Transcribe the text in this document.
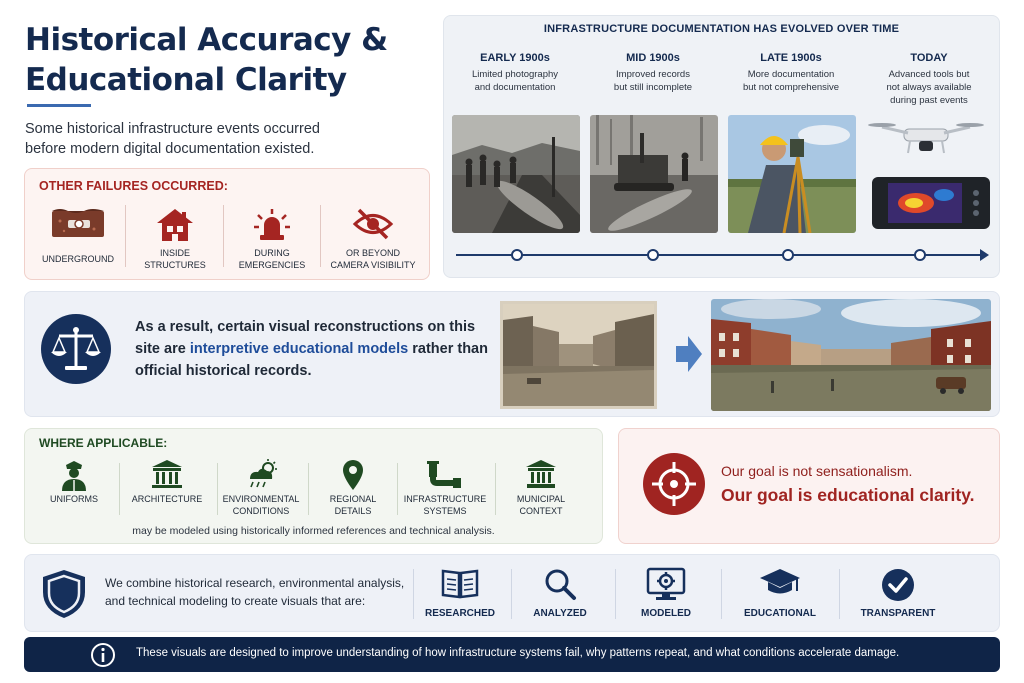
Historical Accuracy &
Educational Clarity
Some historical infrastructure events occurred
before modern digital documentation existed.
OTHER FAILURES OCCURRED:
UNDERGROUND
INSIDE
STRUCTURES
DURING
EMERGENCIES
OR BEYOND
CAMERA VISIBILITY
INFRASTRUCTURE DOCUMENTATION HAS EVOLVED OVER TIME
EARLY 1900s
Limited photography
and documentation
MID 1900s
Improved records
but still incomplete
LATE 1900s
More documentation
but not comprehensive
TODAY
Advanced tools but
not always available
during past events
As a result, certain visual reconstructions on this site are interpretive educational models rather than official historical records.
WHERE APPLICABLE:
UNIFORMS	ARCHITECTURE	ENVIRONMENTAL
CONDITIONS
REGIONAL
DETAILS
INFRASTRUCTURE
SYSTEMS
MUNICIPAL
CONTEXT
may be modeled using historically informed references and technical analysis.
Our goal is not sensationalism.
Our goal is educational clarity.
We combine historical research, environmental analysis,
and technical modeling to create visuals that are:
RESEARCHED	ANALYZED	MODELED	EDUCATIONAL	TRANSPARENT
These visuals are designed to improve understanding of how infrastructure systems fail, why patterns repeat, and what conditions accelerate damage.
